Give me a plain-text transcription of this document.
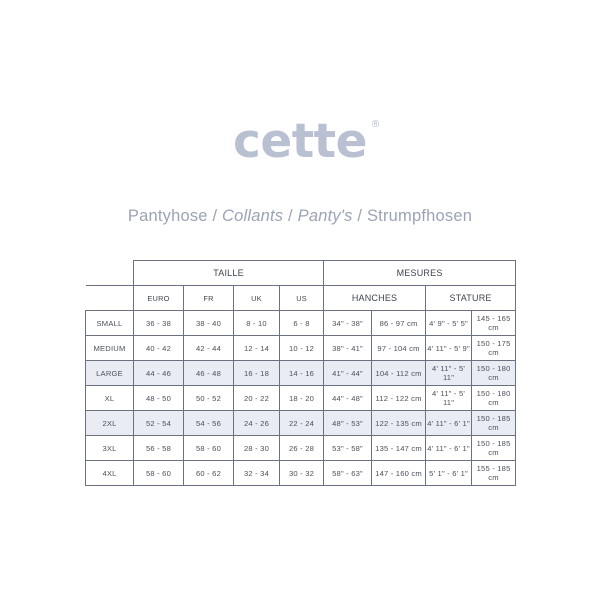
cette ®
Pantyhose / Collants / Panty's / Strumpfhosen
	TAILLE				MESURES			
	EURO	FR	UK	US	HANCHES		STATURE	
SMALL	36 - 38	38 - 40	8 - 10	6 - 8	34" - 38"	86 - 97 cm	4' 9" - 5' 5"	145 - 165 cm
MEDIUM	40 - 42	42 - 44	12 - 14	10 - 12	38" - 41"	97 - 104 cm	4' 11" - 5' 9"	150 - 175 cm
LARGE	44 - 46	46 - 48	16 - 18	14 - 16	41" - 44"	104 - 112 cm	4' 11" - 5' 11"	150 - 180 cm
XL	48 - 50	50 - 52	20 - 22	18 - 20	44" - 48"	112 - 122 cm	4' 11" - 5' 11"	150 - 180 cm
2XL	52 - 54	54 - 56	24 - 26	22 - 24	48" - 53"	122 - 135 cm	4' 11" - 6' 1"	150 - 185 cm
3XL	56 - 58	58 - 60	28 - 30	26 - 28	53" - 58"	135 - 147 cm	4' 11" - 6' 1"	150 - 185 cm
4XL	58 - 60	60 - 62	32 - 34	30 - 32	58" - 63"	147 - 160 cm	5' 1" - 6' 1"	155 - 185 cm
